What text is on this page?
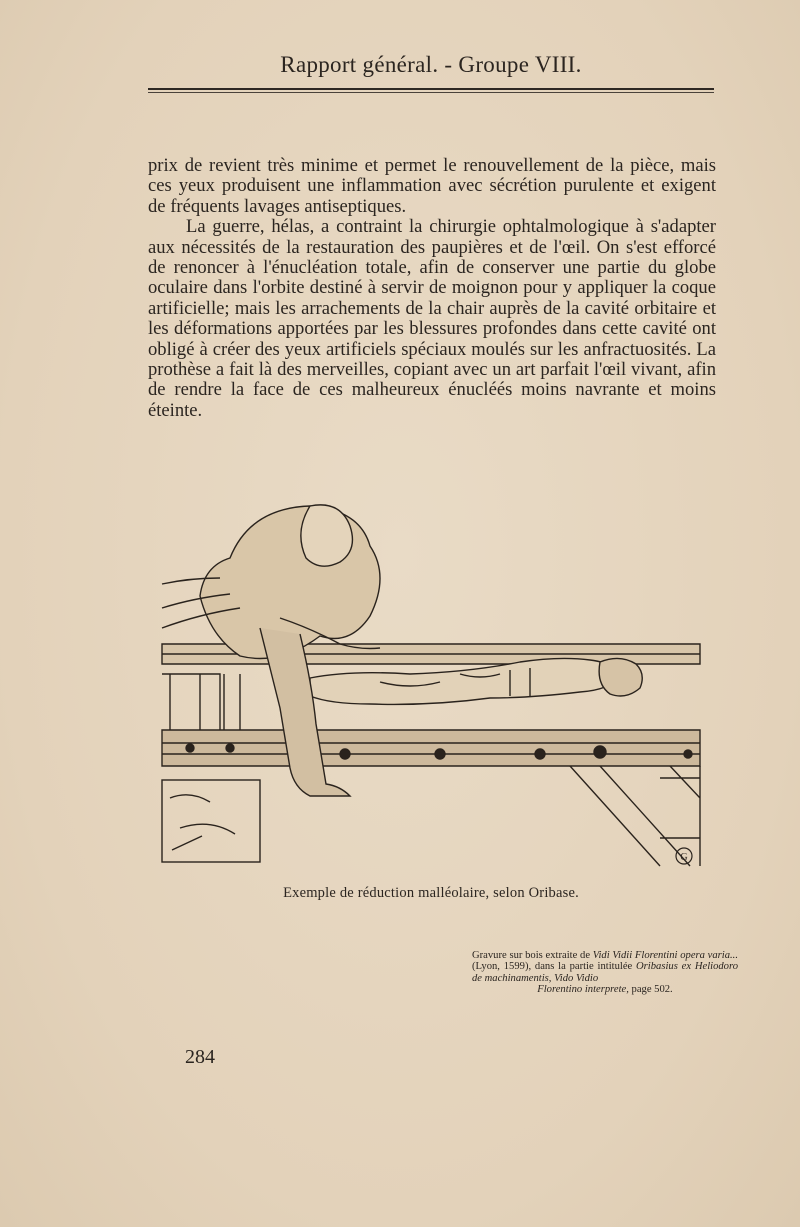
Rapport général. - Groupe VIII.

prix de revient très minime et permet le renouvellement de la pièce, mais ces yeux produisent une inflammation avec sécrétion purulente et exigent de fréquents lavages antiseptiques.

La guerre, hélas, a contraint la chirurgie ophtalmologique à s'adapter aux nécessités de la restauration des paupières et de l'œil. On s'est efforcé de renoncer à l'énucléation totale, afin de conserver une partie du globe oculaire dans l'orbite destiné à servir de moignon pour y appliquer la coque artificielle; mais les arrachements de la chair auprès de la cavité orbitaire et les déformations apportées par les blessures profondes dans cette cavité ont obligé à créer des yeux artificiels spéciaux moulés sur les anfractuosités. La prothèse a fait là des merveilles, copiant avec un art parfait l'œil vivant, afin de rendre la face de ces malheureux énucléés moins navrante et moins éteinte.

G
Exemple de réduction malléolaire, selon Oribase.
Gravure sur bois extraite de Vidi Vidii Florentini opera varia... (Lyon, 1599), dans la partie intitulée Oribasius ex Heliodoro de machinamentis, Vido Vidio
Florentino interprete, page 502.
284
